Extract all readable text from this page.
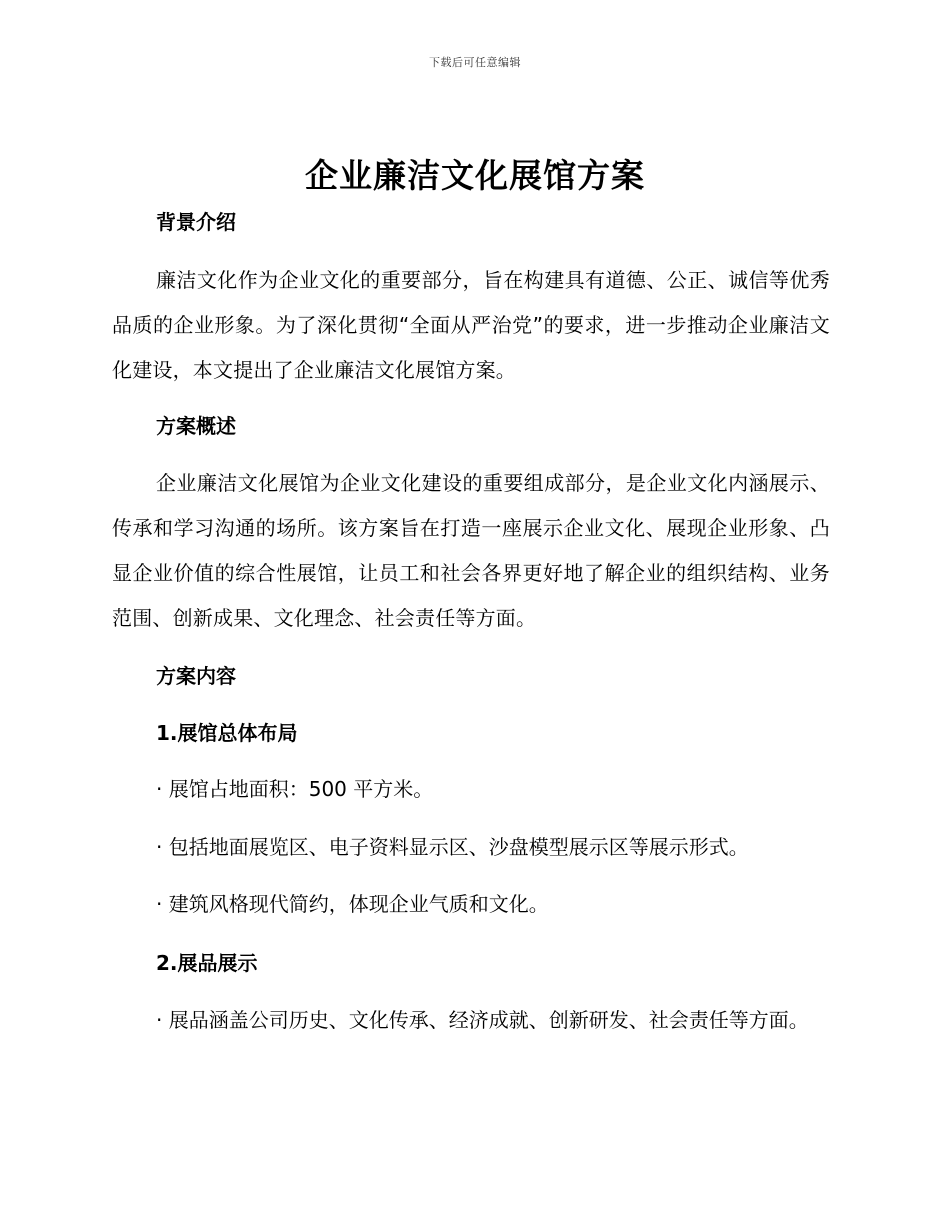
下载后可任意编辑
企业廉洁文化展馆方案
背景介绍

廉洁文化作为企业文化的重要部分，旨在构建具有道德、公正、诚信等优秀品质的企业形象。为了深化贯彻“全面从严治党”的要求，进一步推动企业廉洁文化建设，本文提出了企业廉洁文化展馆方案。

方案概述

企业廉洁文化展馆为企业文化建设的重要组成部分，是企业文化内涵展示、传承和学习沟通的场所。该方案旨在打造一座展示企业文化、展现企业形象、凸显企业价值的综合性展馆，让员工和社会各界更好地了解企业的组织结构、业务范围、创新成果、文化理念、社会责任等方面。

方案内容
1.展馆总体布局

· 展馆占地面积：500 平方米。

· 包括地面展览区、电子资料显示区、沙盘模型展示区等展示形式。

· 建筑风格现代简约，体现企业气质和文化。

2.展品展示

· 展品涵盖公司历史、文化传承、经济成就、创新研发、社会责任等方面。
